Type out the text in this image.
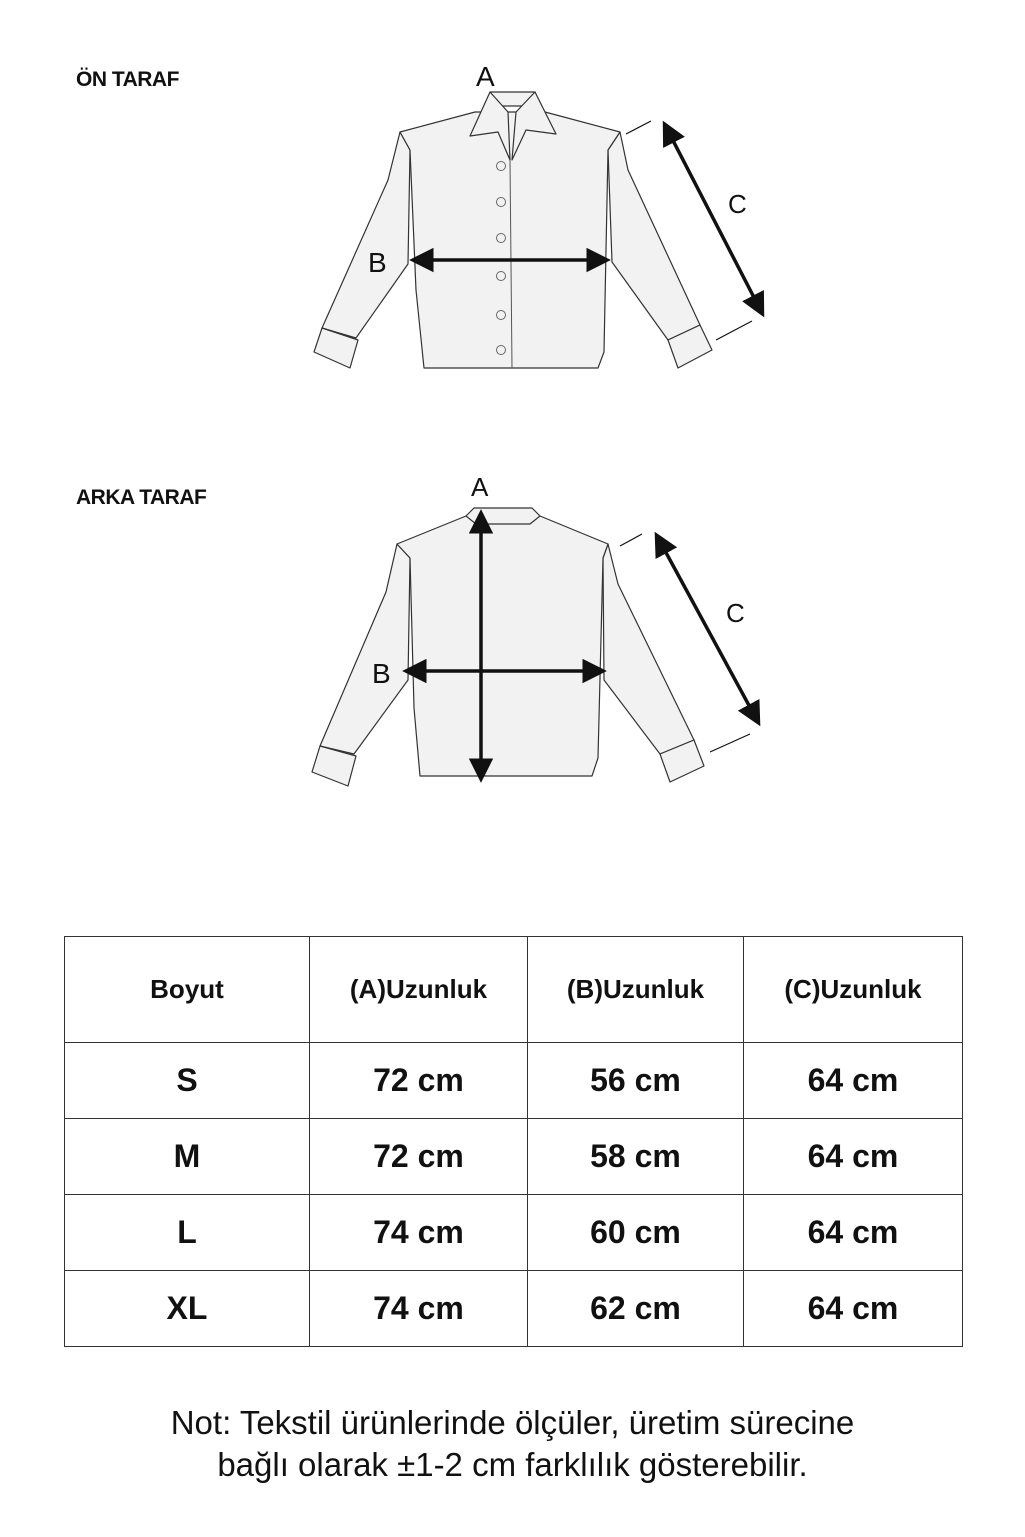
ÖN TARAF	A
B
C
ARKA TARAF	A
B
C
Boyut	(A)Uzunluk	(B)Uzunluk	(C)Uzunluk
S	72 cm	56 cm	64 cm
M	72 cm	58 cm	64 cm
L	74 cm	60 cm	64 cm
XL	74 cm	62 cm	64 cm
Not: Tekstil ürünlerinde ölçüler, üretim sürecine
bağlı olarak ±1-2 cm farklılık gösterebilir.
